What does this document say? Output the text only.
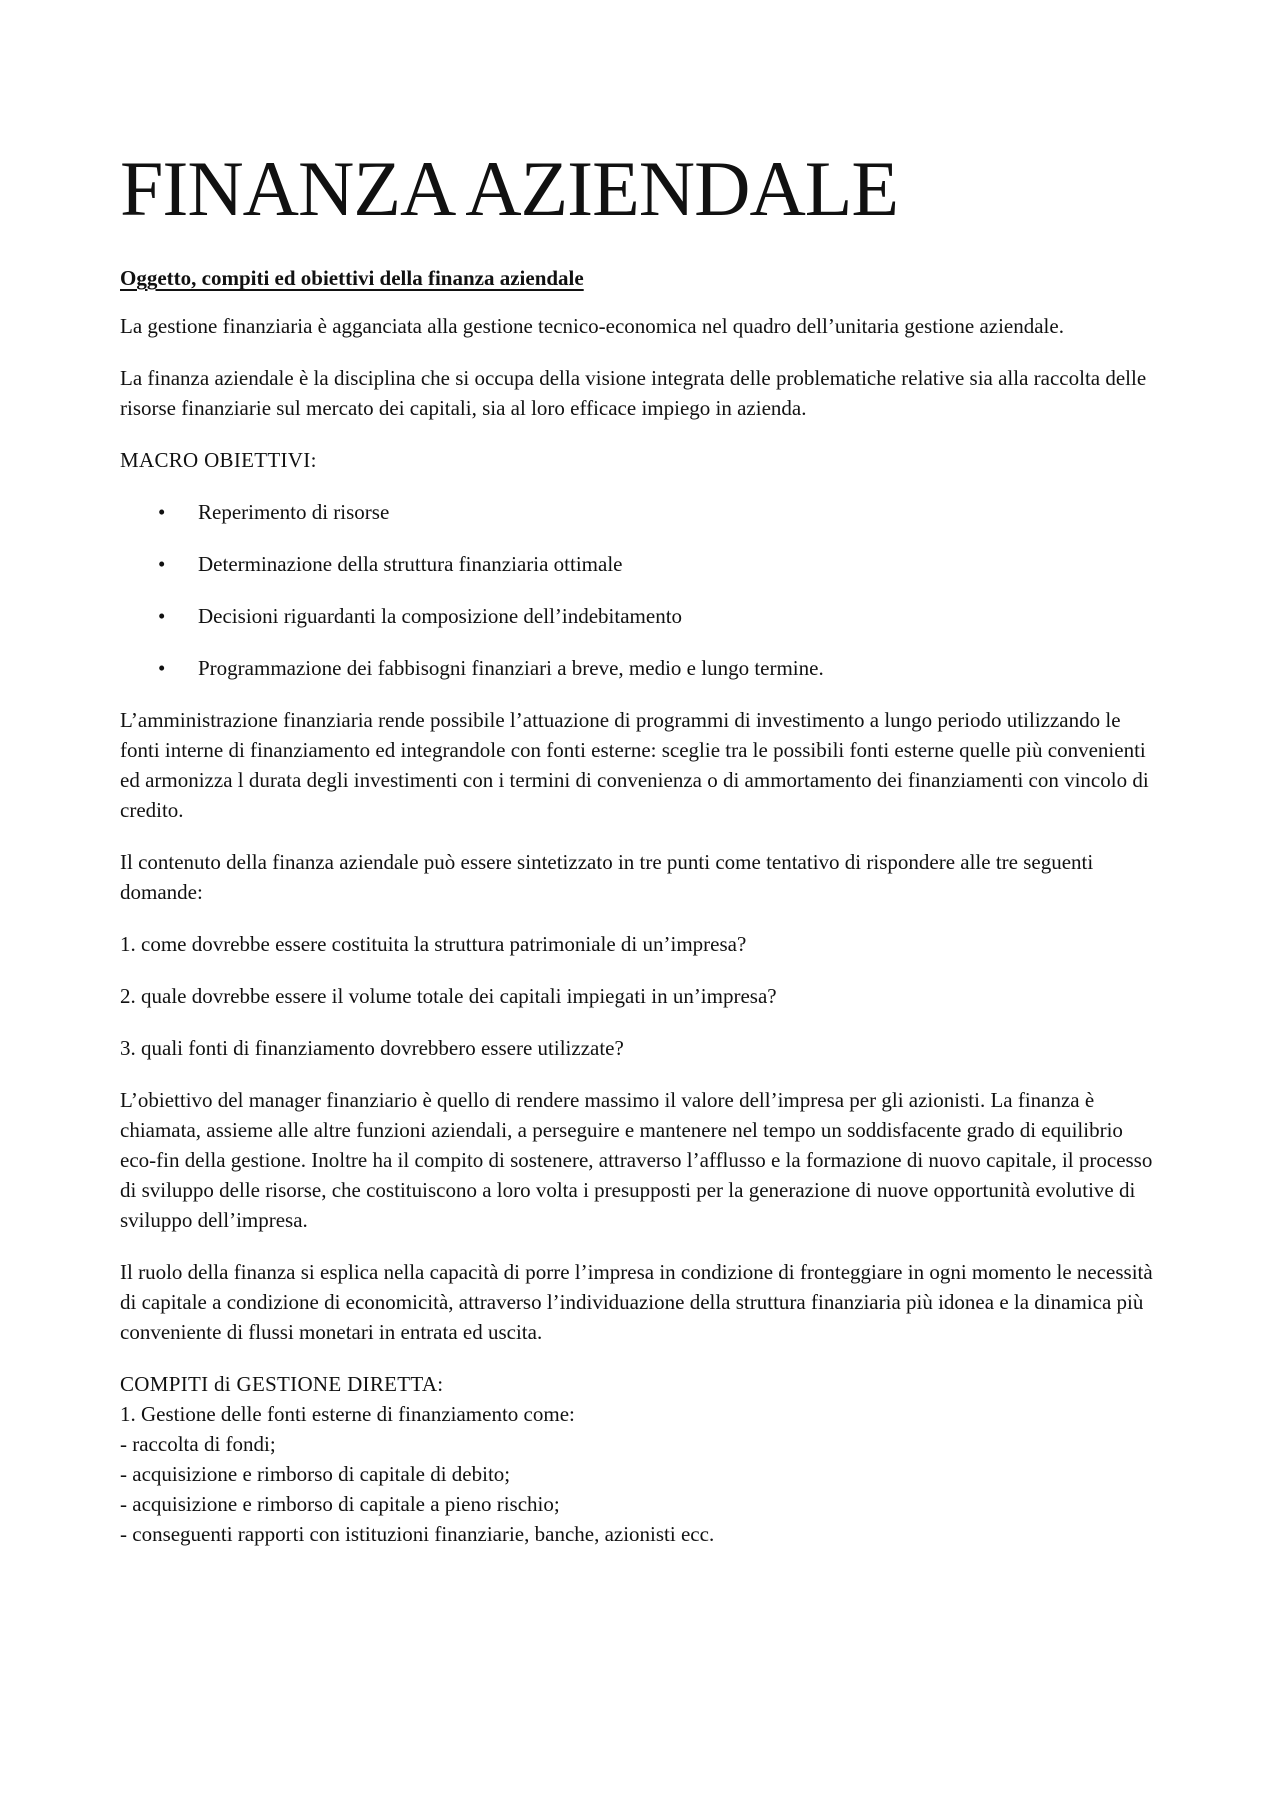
FINANZA AZIENDALE
Oggetto, compiti ed obiettivi della finanza aziendale

La gestione finanziaria è agganciata alla gestione tecnico-economica nel quadro dell’unitaria gestione aziendale.

La finanza aziendale è la disciplina che si occupa della visione integrata delle problematiche relative sia alla raccolta delle risorse finanziarie sul mercato dei capitali, sia al loro efficace impiego in azienda.

MACRO OBIETTIVI:

•	Reperimento di risorse
•	Determinazione della struttura finanziaria ottimale
•	Decisioni riguardanti la composizione dell’indebitamento
•	Programmazione dei fabbisogni finanziari a breve, medio e lungo termine.

L’amministrazione finanziaria rende possibile l’attuazione di programmi di investimento a lungo periodo utilizzando le fonti interne di finanziamento ed integrandole con fonti esterne: sceglie tra le possibili fonti esterne quelle più convenienti ed armonizza l durata degli investimenti con i termini di convenienza o di ammortamento dei finanziamenti con vincolo di credito.

Il contenuto della finanza aziendale può essere sintetizzato in tre punti come tentativo di rispondere alle tre seguenti domande:

1. come dovrebbe essere costituita la struttura patrimoniale di un’impresa?

2. quale dovrebbe essere il volume totale dei capitali impiegati in un’impresa?

3. quali fonti di finanziamento dovrebbero essere utilizzate?

L’obiettivo del manager finanziario è quello di rendere massimo il valore dell’impresa per gli azionisti. La finanza è chiamata, assieme alle altre funzioni aziendali, a perseguire e mantenere nel tempo un soddisfacente grado di equilibrio eco-fin della gestione. Inoltre ha il compito di sostenere, attraverso l’afflusso e la formazione di nuovo capitale, il processo di sviluppo delle risorse, che costituiscono a loro volta i presupposti per la generazione di nuove opportunità evolutive di sviluppo dell’impresa.

Il ruolo della finanza si esplica nella capacità di porre l’impresa in condizione di fronteggiare in ogni momento le necessità di capitale a condizione di economicità, attraverso l’individuazione della struttura finanziaria più idonea e la dinamica più conveniente di flussi monetari in entrata ed uscita.

COMPITI di GESTIONE DIRETTA:

1. Gestione delle fonti esterne di finanziamento come:

- raccolta di fondi;

- acquisizione e rimborso di capitale di debito;

- acquisizione e rimborso di capitale a pieno rischio;

- conseguenti rapporti con istituzioni finanziarie, banche, azionisti ecc.
